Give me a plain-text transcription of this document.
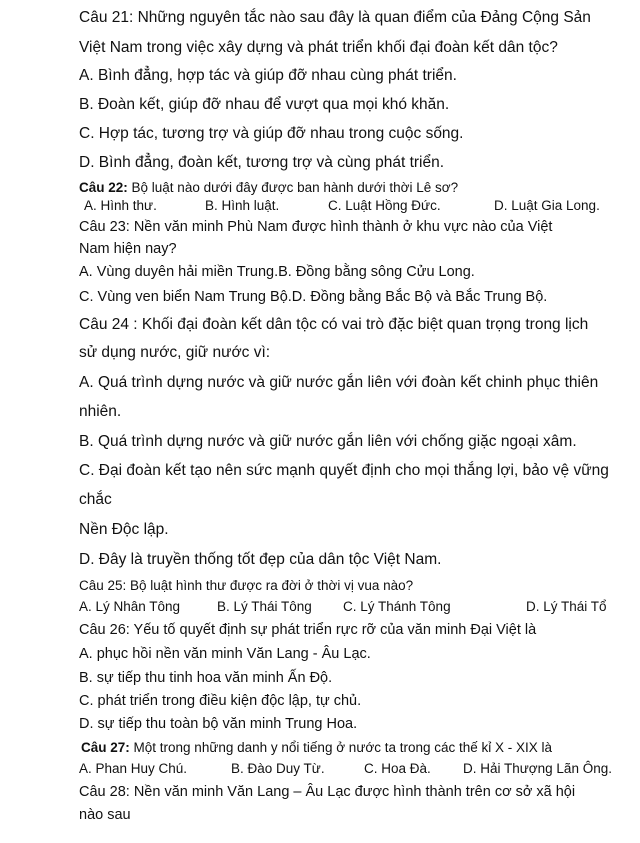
Câu 21: Những nguyên tắc nào sau đây là quan điểm của Đảng Cộng Sản
Việt Nam trong việc xây dựng và phát triển khối đại đoàn kết dân tộc?
A. Bình đẳng, hợp tác và giúp đỡ nhau cùng phát triển.
B. Đoàn kết, giúp đỡ nhau để vượt qua mọi khó khăn.
C. Hợp tác, tương trợ và giúp đỡ nhau trong cuộc sống.
D. Bình đẳng, đoàn kết, tương trợ và cùng phát triển.
Câu 22: Bộ luật nào dưới đây được ban hành dưới thời Lê sơ?
A. Hình thư.	B. Hình luật.	C. Luật Hồng Đức.	D. Luật Gia Long.
Câu 23: Nền văn minh Phù Nam được hình thành ở khu vực nào của Việt
Nam hiện nay?
A. Vùng duyên hải miền Trung.B. Đồng bằng sông Cửu Long.
C. Vùng ven biển Nam Trung Bộ.D. Đồng bằng Bắc Bộ và Bắc Trung Bộ.
Câu 24 : Khối đại đoàn kết dân tộc có vai trò đặc biệt quan trọng trong lịch
sử dụng nước, giữ nước vì:
A. Quá trình dựng nước và giữ nước gắn liên với đoàn kết chinh phục thiên
nhiên.
B. Quá trình dựng nước và giữ nước gắn liên với chống giặc ngoại xâm.
C. Đại đoàn kết tạo nên sức mạnh quyết định cho mọi thắng lợi, bảo vệ vững
chắc
Nền Độc lập.
D. Đây là truyền thống tốt đẹp của dân tộc Việt Nam.
Câu 25: Bộ luật hình thư được ra đời ở thời vị vua nào?
A. Lý Nhân Tông	B. Lý Thái Tông C. Lý Thánh Tông	D. Lý Thái Tổ
Câu 26: Yếu tố quyết định sự phát triển rực rỡ của văn minh Đại Việt là
A. phục hồi nền văn minh Văn Lang - Âu Lạc.
B. sự tiếp thu tinh hoa văn minh Ấn Độ.
C. phát triển trong điều kiện độc lập, tự chủ.
D. sự tiếp thu toàn bộ văn minh Trung Hoa.
Câu 27: Một trong những danh y nổi tiếng ở nước ta trong các thế kỉ X - XIX là
A. Phan Huy Chú.	B. Đào Duy Từ.	C. Hoa Đà. D. Hải Thượng Lãn Ông.
Câu 28: Nền văn minh Văn Lang – Âu Lạc được hình thành trên cơ sở xã hội
nào sau
